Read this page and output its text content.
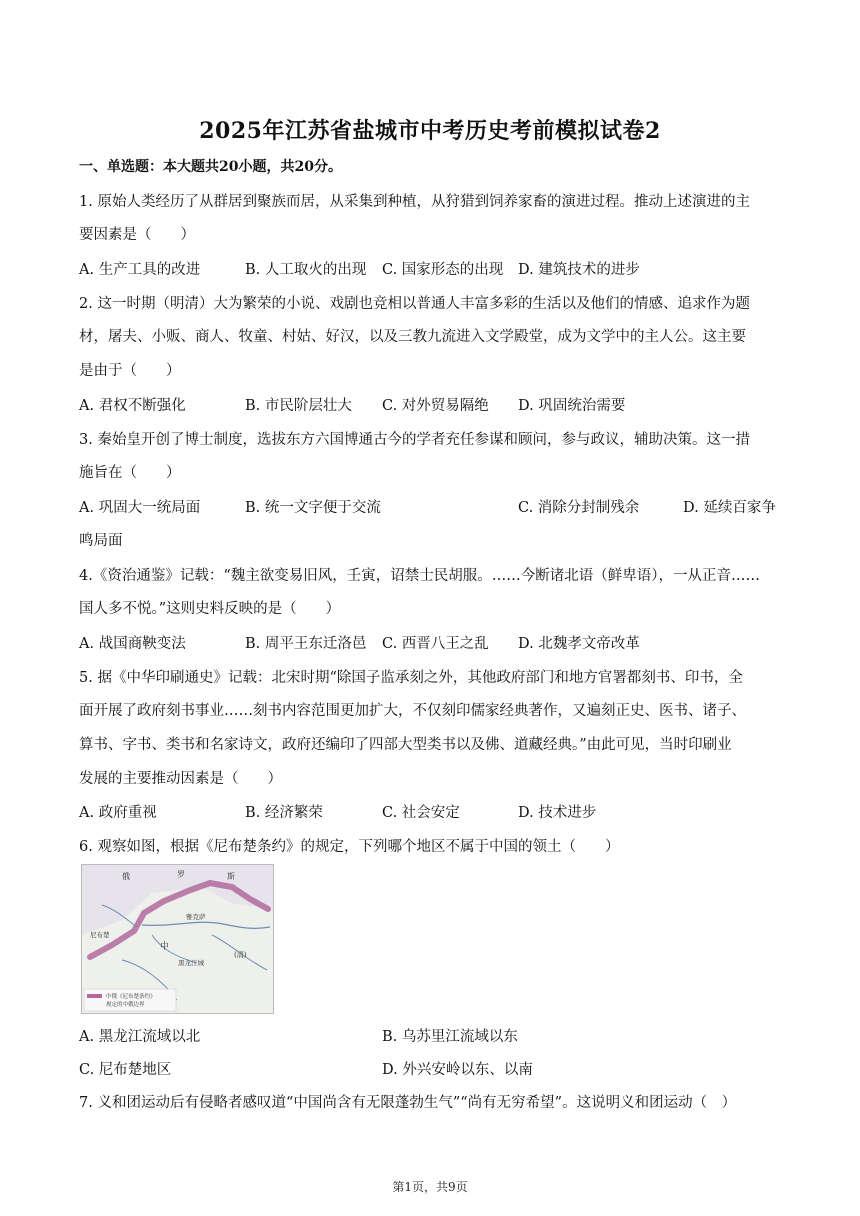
2025年江苏省盐城市中考历史考前模拟试卷2
一、单选题：本大题共20小题，共20分。
1. 原始人类经历了从群居到聚族而居，从采集到种植，从狩猎到饲养家畜的演进过程。推动上述演进的主
要因素是（　　）
A. 生产工具的改进	B. 人工取火的出现 C. 国家形态的出现 D. 建筑技术的进步
2. 这一时期（明清）大为繁荣的小说、戏剧也竞相以普通人丰富多彩的生活以及他们的情感、追求作为题
材，屠夫、小贩、商人、牧童、村姑、好汉，以及三教九流进入文学殿堂，成为文学中的主人公。这主要
是由于（　　）
A. 君权不断强化	B. 市民阶层壮大 C. 对外贸易隔绝 D. 巩固统治需要
3. 秦始皇开创了博士制度，选拔东方六国博通古今的学者充任参谋和顾问，参与政议，辅助决策。这一措
施旨在（　　）
A. 巩固大一统局面	B. 统一文字便于交流	C. 消除分封制残余	D. 延续百家争
鸣局面
4.《资治通鉴》记载：“魏主欲变易旧风，壬寅，诏禁士民胡服。……今断诸北语（鲜卑语），一从正音……
国人多不悦。”这则史料反映的是（　　）
A. 战国商鞅变法	B. 周平王东迁洛邑 C. 西晋八王之乱 D. 北魏孝文帝改革
5. 据《中华印刷通史》记载：北宋时期“除国子监承刻之外，其他政府部门和地方官署都刻书、印书，全
面开展了政府刻书事业……刻书内容范围更加扩大，不仅刻印儒家经典著作，又遍刻正史、医书、诸子、
算书、字书、类书和名家诗文，政府还编印了四部大型类书以及佛、道藏经典。”由此可见，当时印刷业
发展的主要推动因素是（　　）
A. 政府重视	B. 经济繁荣	C. 社会安定	D. 技术进步
6. 观察如图，根据《尼布楚条约》的规定，下列哪个地区不属于中国的领土（　　）
俄	罗	斯
尼布楚
雅克萨
中
黑龙江城
(清)
中俄《尼布楚条约》
规定的中俄边界
A. 黑龙江流域以北	B. 乌苏里江流域以东
C. 尼布楚地区	D. 外兴安岭以东、以南
7. 义和团运动后有侵略者感叹道“中国尚含有无限蓬勃生气”“尚有无穷希望”。这说明义和团运动（　）
第1页，共9页
